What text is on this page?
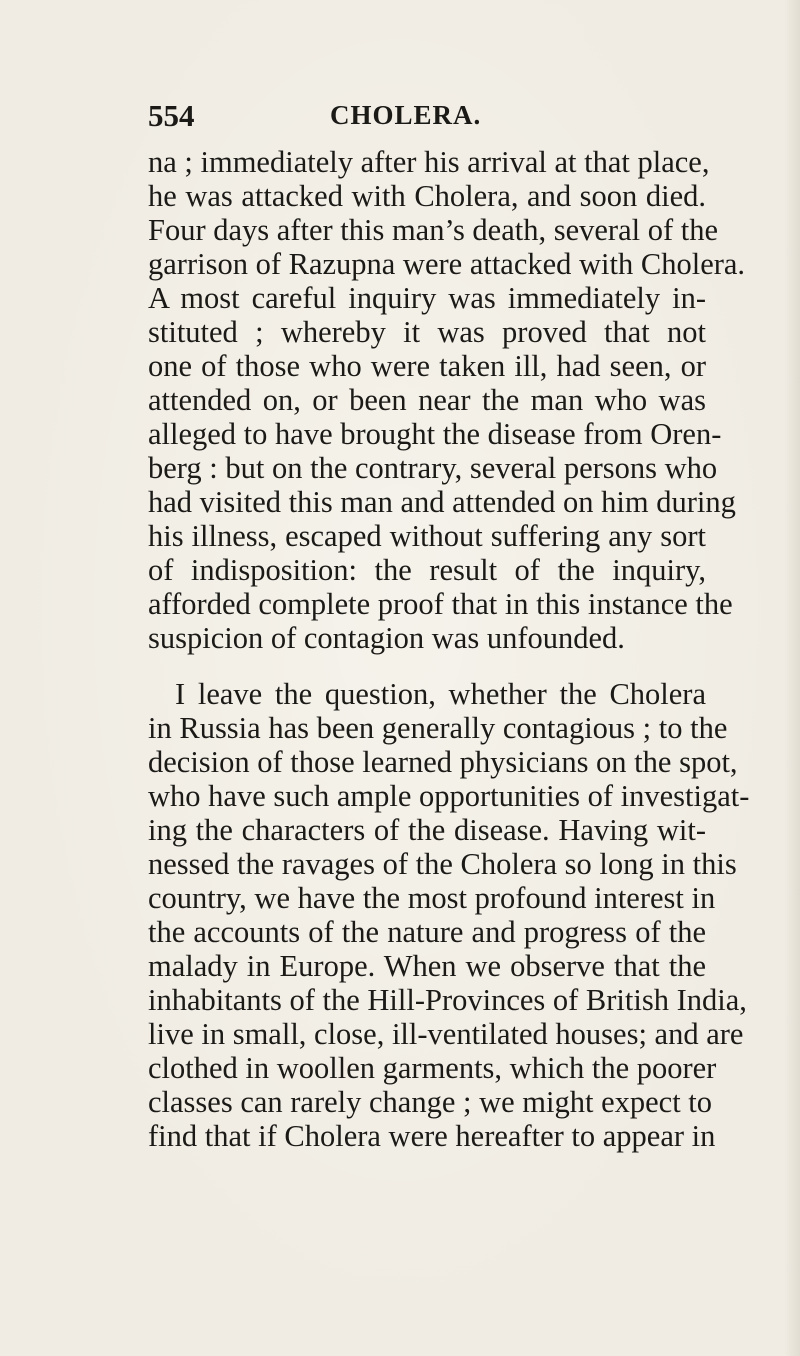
554	CHOLERA.
na ; immediately after his arrival at that place,
he was attacked with Cholera, and soon died.
Four days after this man’s death, several of the
garrison of Razupna were attacked with Cholera.
A most careful inquiry was immediately in-
stituted ; whereby it was proved that not
one of those who were taken ill, had seen, or
attended on, or been near the man who was
alleged to have brought the disease from Oren-
berg : but on the contrary, several persons who
had visited this man and attended on him during
his illness, escaped without suffering any sort
of indisposition: the result of the inquiry,
afforded complete proof that in this instance the
suspicion of contagion was unfounded.
I leave the question, whether the Cholera
in Russia has been generally contagious ; to the
decision of those learned physicians on the spot,
who have such ample opportunities of investigat-
ing the characters of the disease. Having wit-
nessed the ravages of the Cholera so long in this
country, we have the most profound interest in
the accounts of the nature and progress of the
malady in Europe. When we observe that the
inhabitants of the Hill-Provinces of British India,
live in small, close, ill-ventilated houses; and are
clothed in woollen garments, which the poorer
classes can rarely change ; we might expect to
find that if Cholera were hereafter to appear in
